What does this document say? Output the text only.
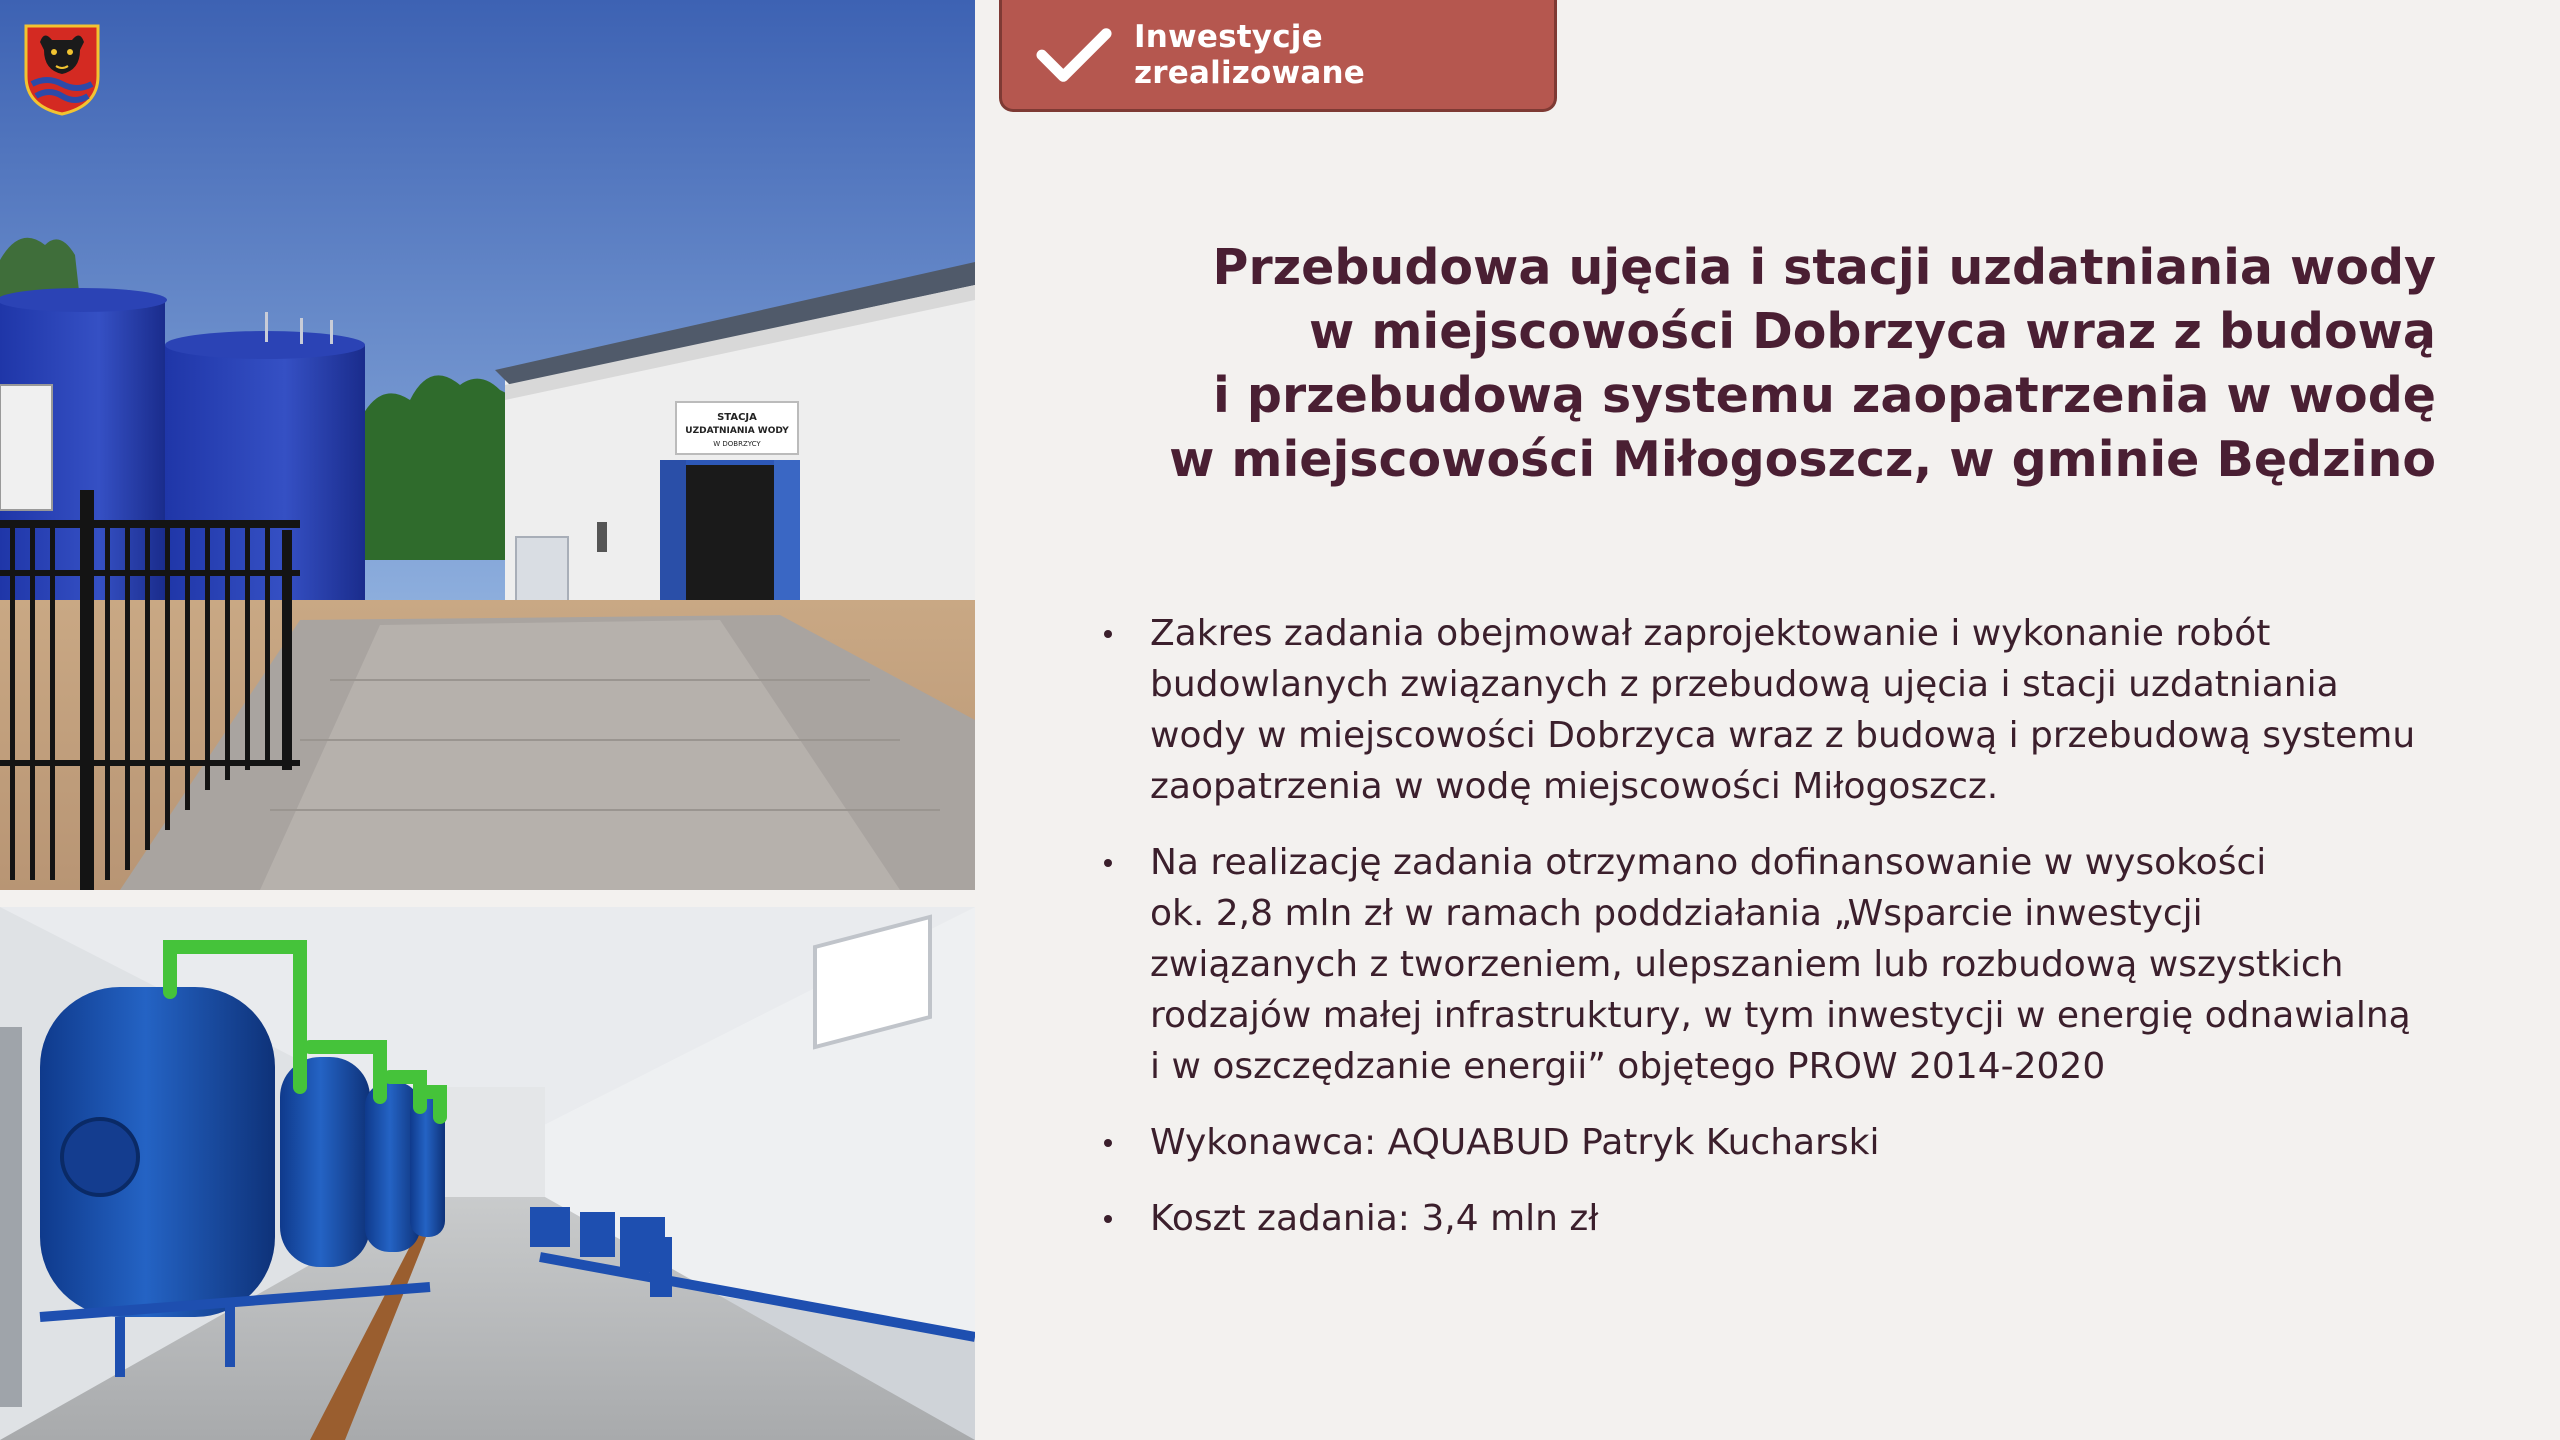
STACJA
UZDATNIANIA WODY
W DOBRZYCY
Inwestycje zrealizowane
Przebudowa ujęcia i stacji uzdatniania wody
w miejscowości Dobrzyca wraz z budową
i przebudową systemu zaopatrzenia w wodę
w miejscowości Miłogoszcz, w gminie Będzino
Zakres zadania obejmował zaprojektowanie i wykonanie robót
budowlanych związanych z przebudową ujęcia i stacji uzdatniania
wody w miejscowości Dobrzyca wraz z budową i przebudową systemu
zaopatrzenia w wodę miejscowości Miłogoszcz.
Na realizację zadania otrzymano dofinansowanie w wysokości
ok. 2,8 mln zł w ramach poddziałania „Wsparcie inwestycji
związanych z tworzeniem, ulepszaniem lub rozbudową wszystkich
rodzajów małej infrastruktury, w tym inwestycji w energię odnawialną
i w oszczędzanie energii” objętego PROW 2014-2020
Wykonawca: AQUABUD Patryk Kucharski
Koszt zadania: 3,4 mln zł
